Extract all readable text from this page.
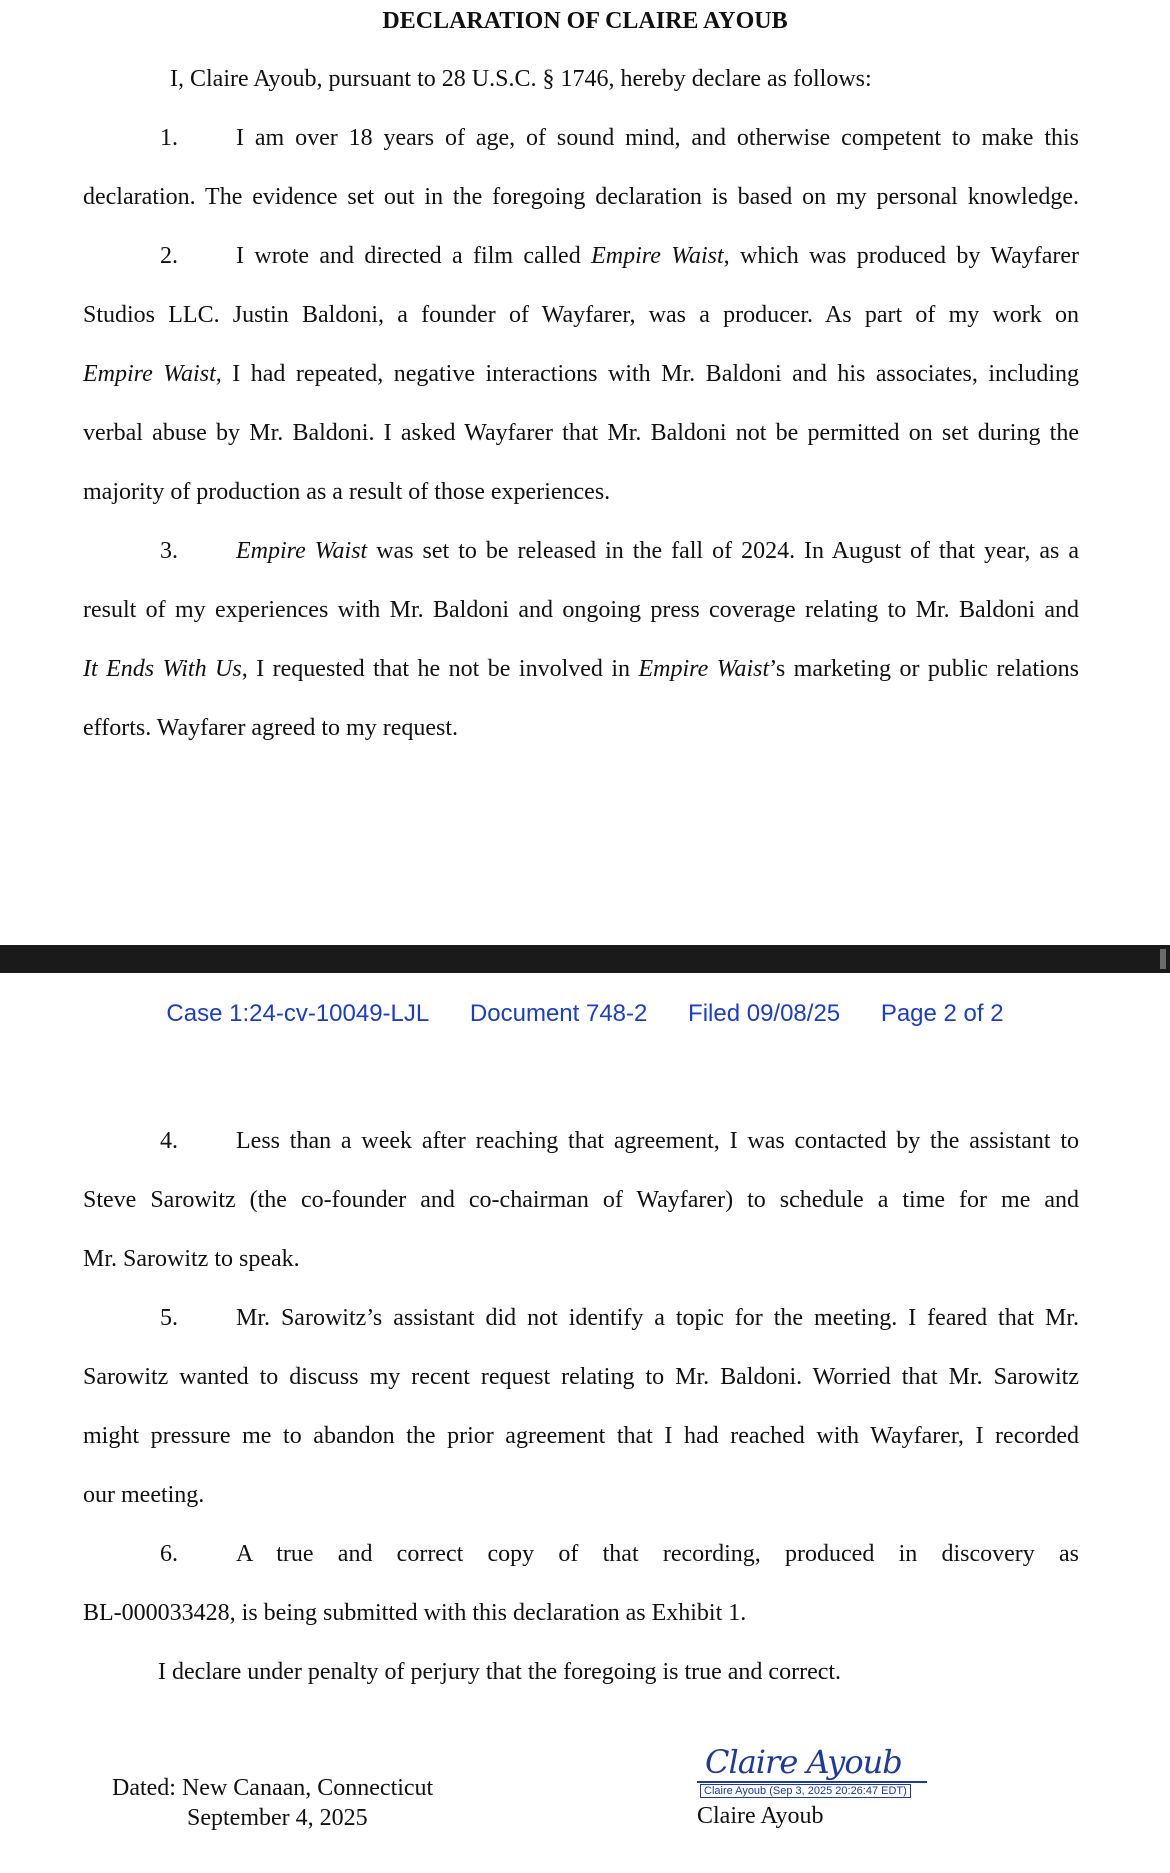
DECLARATION OF CLAIRE AYOUB
I, Claire Ayoub, pursuant to 28 U.S.C. § 1746, hereby declare as follows:
1. I am over 18 years of age, of sound mind, and otherwise competent to make this
declaration. The evidence set out in the foregoing declaration is based on my personal knowledge.
2. I wrote and directed a film called Empire Waist, which was produced by Wayfarer
Studios LLC. Justin Baldoni, a founder of Wayfarer, was a producer. As part of my work on
Empire Waist, I had repeated, negative interactions with Mr. Baldoni and his associates, including
verbal abuse by Mr. Baldoni. I asked Wayfarer that Mr. Baldoni not be permitted on set during the
majority of production as a result of those experiences.
3. Empire Waist was set to be released in the fall of 2024. In August of that year, as a
result of my experiences with Mr. Baldoni and ongoing press coverage relating to Mr. Baldoni and
It Ends With Us, I requested that he not be involved in Empire Waist’s marketing or public relations
efforts. Wayfarer agreed to my request.
Case 1:24-cv-10049-LJL Document 748-2 Filed 09/08/25 Page 2 of 2
4. Less than a week after reaching that agreement, I was contacted by the assistant to
Steve Sarowitz (the co-founder and co-chairman of Wayfarer) to schedule a time for me and
Mr. Sarowitz to speak.
5. Mr. Sarowitz’s assistant did not identify a topic for the meeting. I feared that Mr.
Sarowitz wanted to discuss my recent request relating to Mr. Baldoni. Worried that Mr. Sarowitz
might pressure me to abandon the prior agreement that I had reached with Wayfarer, I recorded
our meeting.
6. A true and correct copy of that recording, produced in discovery as
BL-000033428, is being submitted with this declaration as Exhibit 1.
I declare under penalty of perjury that the foregoing is true and correct.
Dated: New Canaan, Connecticut
September 4, 2025
Claire Ayoub
Claire Ayoub (Sep 3, 2025 20:26:47 EDT)
Claire Ayoub
